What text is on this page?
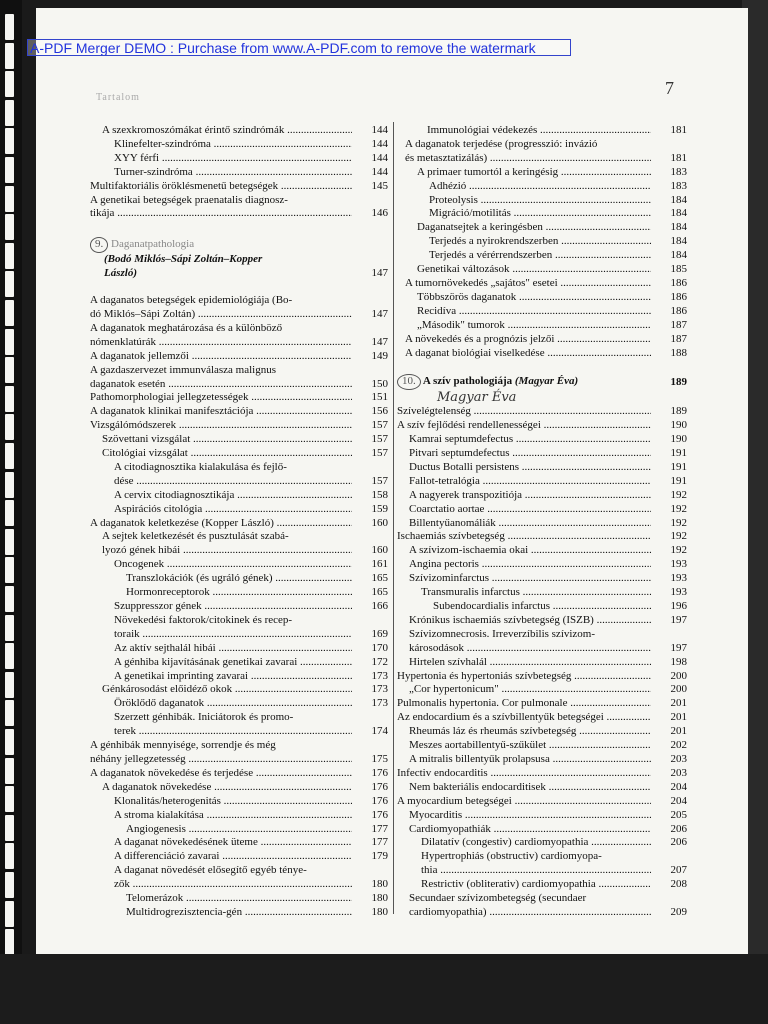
A-PDF Merger DEMO : Purchase from www.A-PDF.com to remove the watermark
7
Tartalom
A szexkromoszómákat érintő szindrómák .....	144
Klinefelter-szindróma .....	144
XYY férfi .....	144
Turner-szindróma .....	144
Multifaktoriális öröklésmenetű betegségek .....	145
A genetikai betegségek praenatalis diagnosz-
tikája .....	146
9. Daganatpathologia
(Bodó Miklós–Sápi Zoltán–Kopper
László)	147
A daganatos betegségek epidemiológiája (Bo-
dó Miklós–Sápi Zoltán) .....	147
A daganatok meghatározása és a különböző
nómenklatúrák .....	147
A daganatok jellemzői .....	149
A gazdaszervezet immunválasza malignus
daganatok esetén .....	150
Pathomorphologiai jellegzetességek .....	151
A daganatok klinikai manifesztációja .....	156
Vizsgálómódszerek .....	157
Szövettani vizsgálat .....	157
Citológiai vizsgálat .....	157
A citodiagnosztika kialakulása és fejlő-
dése .....	157
A cervix citodiagnosztikája .....	158
Aspirációs citológia .....	159
A daganatok keletkezése (Kopper László) .....	160
A sejtek keletkezését és pusztulását szabá-
lyozó gének hibái .....	160
Oncogenek .....	161
Transzlokációk (és ugráló gének) .....	165
Hormonreceptorok .....	165
Szuppresszor gének .....	166
Növekedési faktorok/citokinek és recep-
toraik .....	169
Az aktív sejthalál hibái .....	170
A génhiba kijavításának genetikai zavarai .....	172
A genetikai imprinting zavarai .....	173
Génkárosodást előidéző okok .....	173
Öröklődő daganatok .....	173
Szerzett génhibák. Iniciátorok és promo-
terek .....	174
A génhibák mennyisége, sorrendje és még
néhány jellegzetesség .....	175
A daganatok növekedése és terjedése .....	176
A daganatok növekedése .....	176
Klonalitás/heterogenitás .....	176
A stroma kialakítása .....	176
Angiogenesis .....	177
A daganat növekedésének üteme .....	177
A differenciáció zavarai .....	179
A daganat növedését elősegítő egyéb tényе-
zők .....	180
Telomerázok .....	180
Multidrogrezisztencia-gén .....	180
Immunológiai védekezés .....	181
A daganatok terjedése (progresszió: invázió
és metasztatizálás) .....	181
A primaer tumortól a keringésig .....	183
Adhézió .....	183
Proteolysis .....	184
Migráció/motilitás .....	184
Daganatsejtek a keringésben .....	184
Terjedés a nyirokrendszerben .....	184
Terjedés a vérérrendszerben .....	184
Genetikai változások .....	185
A tumornövekedés „sajátos" esetei .....	186
Többszörös daganatok .....	186
Recidíva .....	186
„Második" tumorok .....	187
A növekedés és a prognózis jelzői .....	187
A daganat biológiai viselkedése .....	188
10. A szív pathologiája (Magyar Éva)	189
Magyar Éva
Szívelégtelenség .....	189
A szív fejlődési rendellenességei .....	190
Kamrai septumdefectus .....	190
Pitvari septumdefectus .....	191
Ductus Botalli persistens .....	191
Fallot-tetralógia .....	191
A nagyerek transpozitiója .....	192
Coarctatio aortae .....	192
Billentyűanomáliák .....	192
Ischaemiás szívbetegség .....	192
A szívizom-ischaemia okai .....	192
Angina pectoris .....	193
Szívizominfarctus .....	193
Transmuralis infarctus .....	193
Subendocardialis infarctus .....	196
Krónikus ischaemiás szívbetegség (ISZB) .....	197
Szívizomnecrosis. Irreverzíbilis szívizom-
károsodások .....	197
Hirtelen szívhalál .....	198
Hypertonia és hypertoniás szívbetegség .....	200
„Cor hypertonicum" .....	200
Pulmonalis hypertonia. Cor pulmonale .....	201
Az endocardium és a szívbillentyűk betegségei .....	201
Rheumás láz és rheumás szívbetegség .....	201
Meszes aortabillentyű-szűkület .....	202
A mitralis billentyűk prolapsusa .....	203
Infectiv endocarditis .....	203
Nem bakteriális endocarditisek .....	204
A myocardium betegségei .....	204
Myocarditis .....	205
Cardiomyopathiák .....	206
Dilatatív (congestiv) cardiomyopathia .....	206
Hypertrophiás (obstructiv) cardiomyopa-
thia .....	207
Restrictiv (obliterativ) cardiomyopathia .....	208
Secundaer szívizombetegség (secundaer
cardiomyopathia) .....	209
